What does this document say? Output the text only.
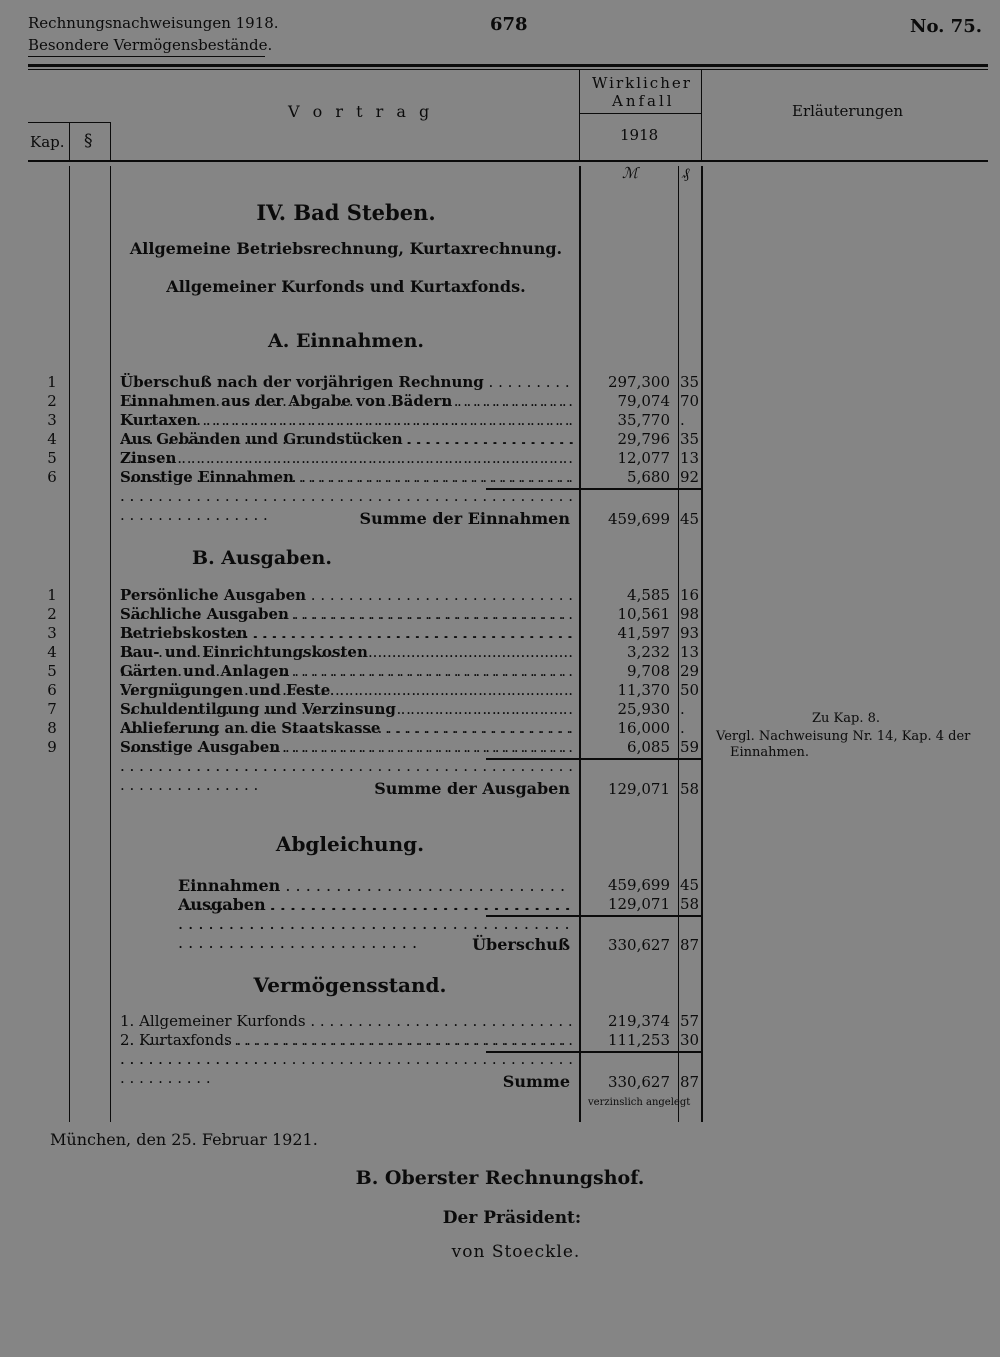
Rechnungsnachweisungen 1918.
Besondere Vermögensbestände.
678	No. 75.
V o r t r a g
Wirklicher
Anfall
1918
Erläuterungen
Kap. §
ℳ	₰
IV. Bad Steben.
Allgemeine Betriebsrechnung, Kurtaxrechnung.
Allgemeiner Kurfonds und Kurtaxfonds.
A. Einnahmen.
1	Überschuß nach der vorjährigen Rechnung . . .	297,300 35
2	Einnahmen aus der Abgabe von Bädern . . .	79,074 70
3	Kurtaxen . . .	35,770 .
4	Aus Gebänden und Grundstücken . . .	29,796 35
5	Zinsen . . .	12,077 13
6	Sonstige Einnahmen . . .	5,680 92
Summe der Einnahmen	459,699 45
B. Ausgaben.
1	Persönliche Ausgaben . . .	4,585 16
2	Sächliche Ausgaben . . .	10,561 98
3	Betriebskosten . . .	41,597 93
4	Bau- und Einrichtungskosten . . .	3,232 13
5	Gärten und Anlagen . . .	9,708 29
6	Vergnügungen und Feste . . .	11,370 50
7	Schuldentilgung und Verzinsung . . .	25,930 .
8	Ablieferung an die Staatskasse . . .	16,000 .
9	Sonstige Ausgaben . . .	6,085 59
Summe der Ausgaben	129,071 58
Zu Kap. 8.
Vergl. Nachweisung Nr. 14, Kap. 4 der
Einnahmen.
Abgleichung.
Einnahmen . . .	459,699 45
Ausgaben . . .	129,071 58
Überschuß	330,627 87
Vermögensstand.
1. Allgemeiner Kurfonds . . .	219,374 57
2. Kurtaxfonds . . .	111,253 30
Summe	330,627 87
verzinslich angelegt
München, den 25. Februar 1921.
B. Oberster Rechnungshof.
Der Präsident:
von Stoeckle.
